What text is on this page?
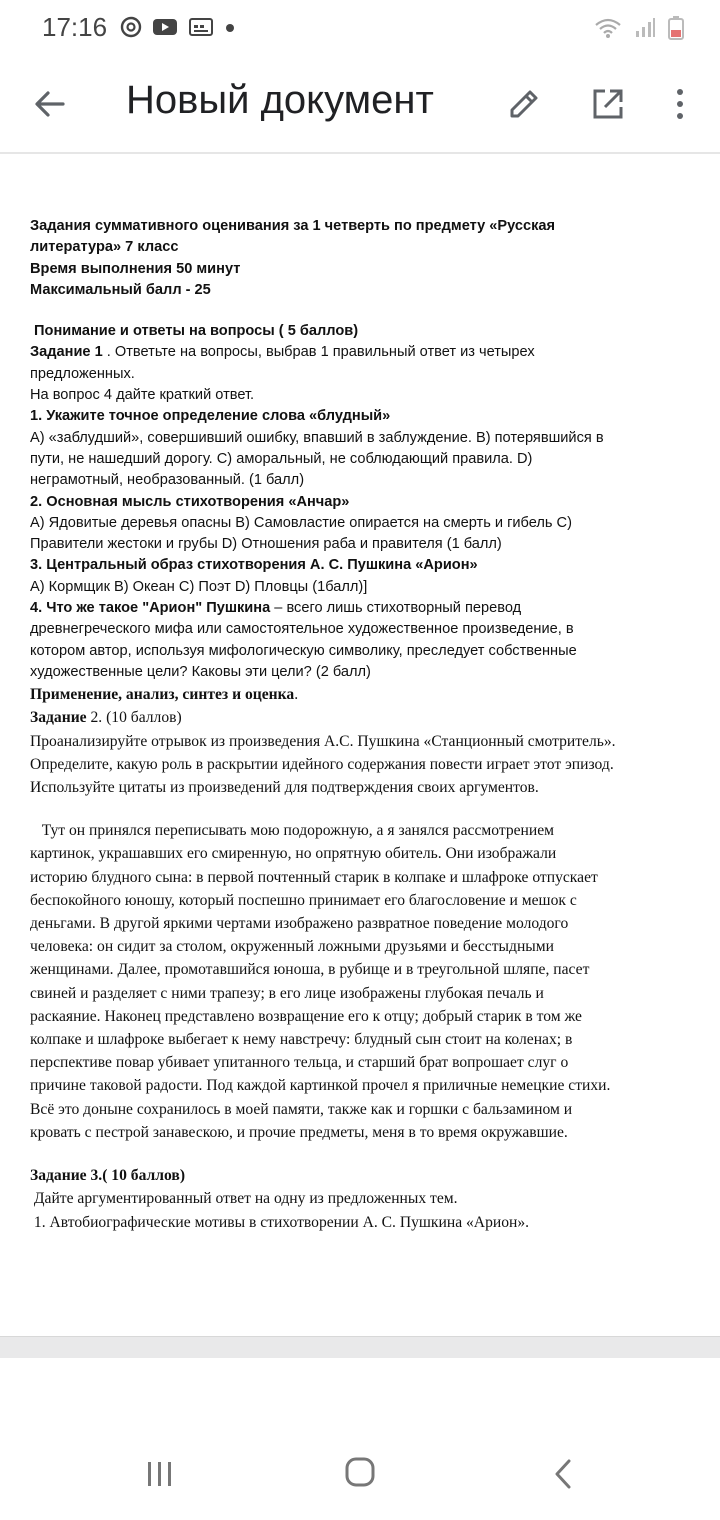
17:16
Новый документ
Задания суммативного оценивания за 1 четверть по предмету «Русская
литература» 7 класс
Время выполнения 50 минут
Максимальный балл - 25
Понимание и ответы на вопросы ( 5 баллов)
Задание 1 . Ответьте на вопросы, выбрав 1 правильный ответ из четырех
предложенных.
На вопрос 4 дайте краткий ответ.
1. Укажите точное определение слова «блудный»
А) «заблудший», совершивший ошибку, впавший в заблуждение. В) потерявшийся в
пути, не нашедший дорогу. С) аморальный, не соблюдающий правила. D)
неграмотный, необразованный. (1 балл)
2. Основная мысль стихотворения «Анчар»
А) Ядовитые деревья опасны В) Самовластие опирается на смерть и гибель С)
Правители жестоки и грубы D) Отношения раба и правителя (1 балл)
3. Центральный образ стихотворения А. С. Пушкина «Арион»
А) Кормщик В) Океан С) Поэт D) Пловцы (1балл)]
4. Что же такое "Арион" Пушкина – всего лишь стихотворный перевод
древнегреческого мифа или самостоятельное художественное произведение, в
котором автор, используя мифологическую символику, преследует собственные
художественные цели? Каковы эти цели? (2 балл)
Применение, анализ, синтез и оценка.
Задание 2. (10 баллов)
Проанализируйте отрывок из произведения А.С. Пушкина «Станционный смотритель».
Определите, какую роль в раскрытии идейного содержания повести играет этот эпизод.
Используйте цитаты из произведений для подтверждения своих аргументов.
Тут он принялся переписывать мою подорожную, а я занялся рассмотрением
картинок, украшавших его смиренную, но опрятную обитель. Они изображали
историю блудного сына: в первой почтенный старик в колпаке и шлафроке отпускает
беспокойного юношу, который поспешно принимает его благословение и мешок с
деньгами. В другой яркими чертами изображено развратное поведение молодого
человека: он сидит за столом, окруженный ложными друзьями и бесстыдными
женщинами. Далее, промотавшийся юноша, в рубище и в треугольной шляпе, пасет
свиней и разделяет с ними трапезу; в его лице изображены глубокая печаль и
раскаяние. Наконец представлено возвращение его к отцу; добрый старик в том же
колпаке и шлафроке выбегает к нему навстречу: блудный сын стоит на коленах; в
перспективе повар убивает упитанного тельца, и старший брат вопрошает слуг о
причине таковой радости. Под каждой картинкой прочел я приличные немецкие стихи.
Всё это доныне сохранилось в моей памяти, также как и горшки с бальзамином и
кровать с пестрой занавескою, и прочие предметы, меня в то время окружавшие.
Задание 3.( 10 баллов)
Дайте аргументированный ответ на одну из предложенных тем.
1. Автобиографические мотивы в стихотворении А. С. Пушкина «Арион».
